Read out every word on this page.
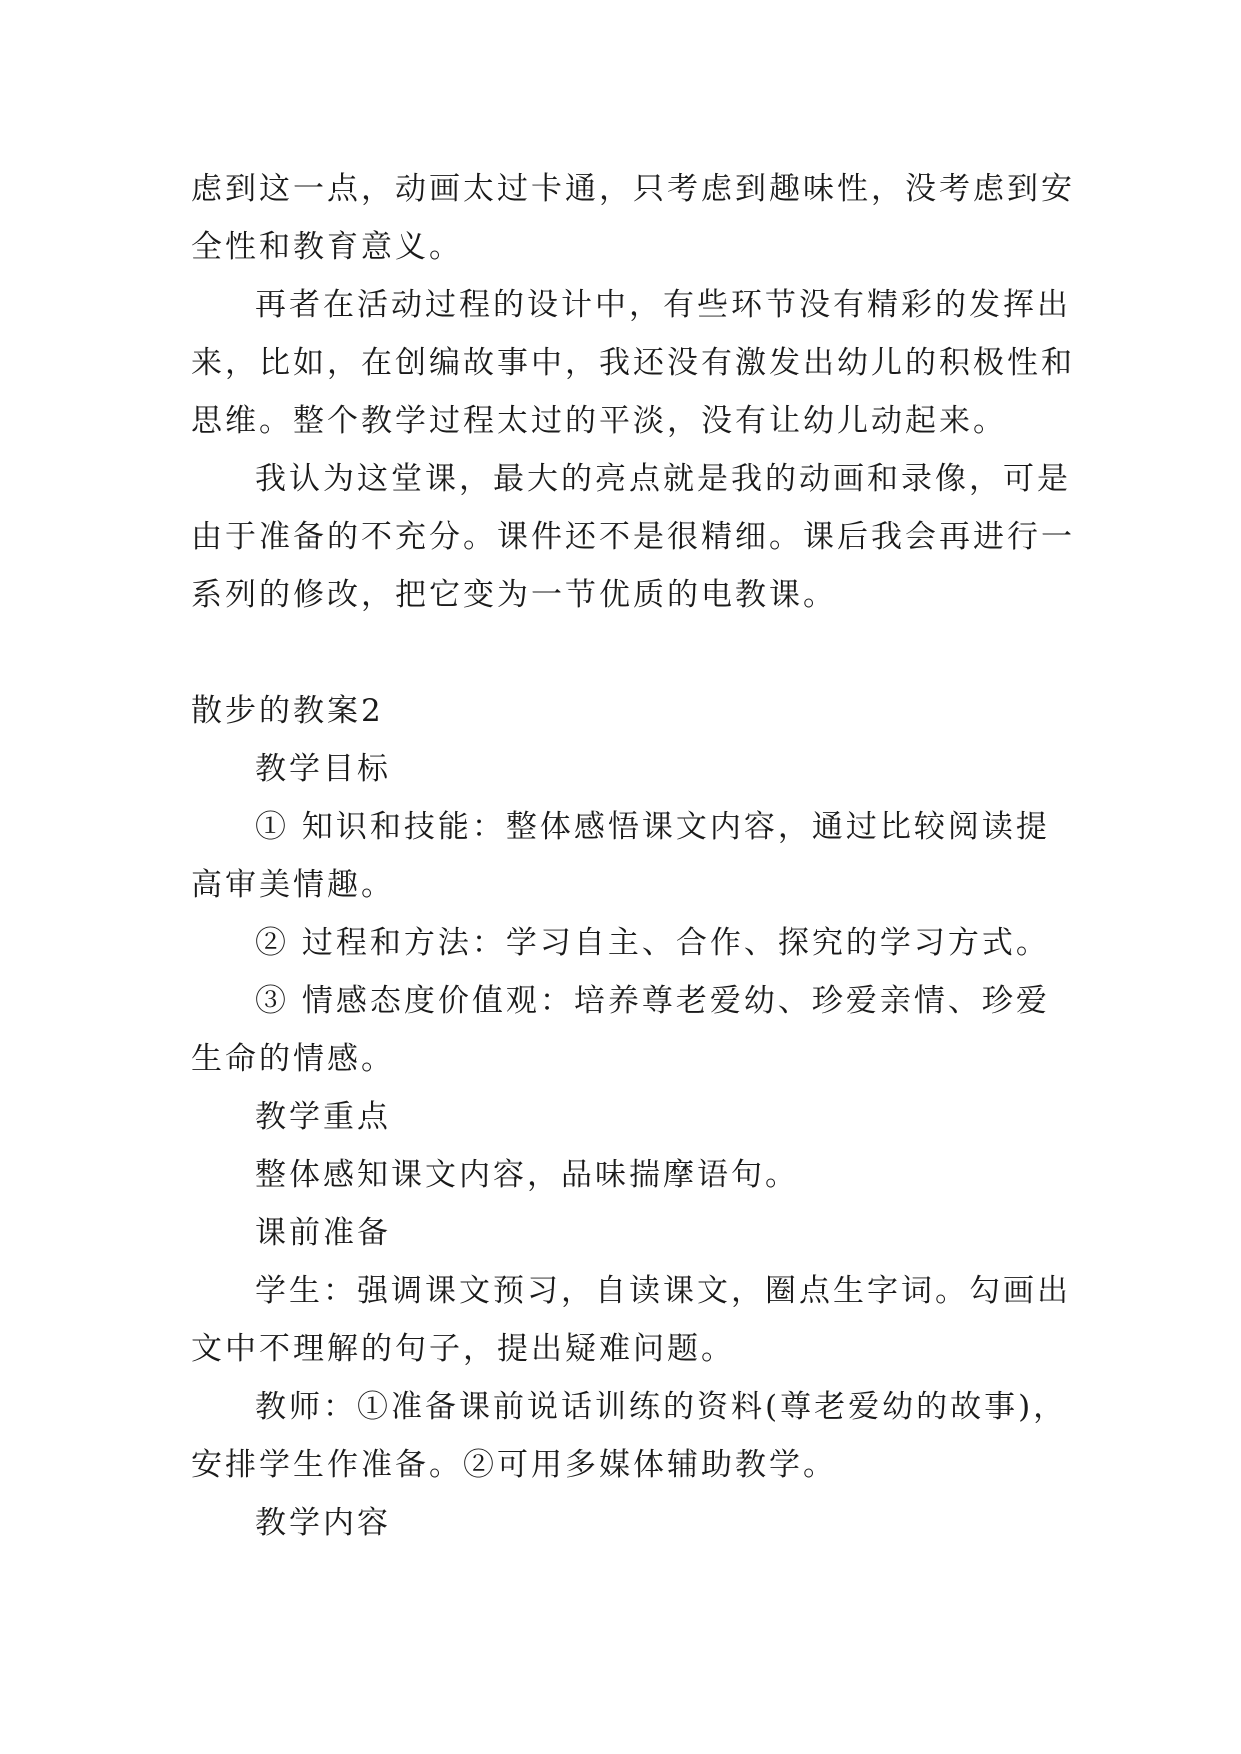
虑到这一点，动画太过卡通，只考虑到趣味性，没考虑到安
全性和教育意义。
再者在活动过程的设计中，有些环节没有精彩的发挥出
来，比如，在创编故事中，我还没有激发出幼儿的积极性和
思维。整个教学过程太过的平淡，没有让幼儿动起来。
我认为这堂课，最大的亮点就是我的动画和录像，可是
由于准备的不充分。课件还不是很精细。课后我会再进行一
系列的修改，把它变为一节优质的电教课。
散步的教案2
教学目标
① 知识和技能：整体感悟课文内容，通过比较阅读提
高审美情趣。
② 过程和方法：学习自主、合作、探究的学习方式。
③ 情感态度价值观：培养尊老爱幼、珍爱亲情、珍爱
生命的情感。
教学重点
整体感知课文内容，品味揣摩语句。
课前准备
学生：强调课文预习，自读课文，圈点生字词。勾画出
文中不理解的句子，提出疑难问题。
教师：①准备课前说话训练的资料(尊老爱幼的故事)，
安排学生作准备。②可用多媒体辅助教学。
教学内容
